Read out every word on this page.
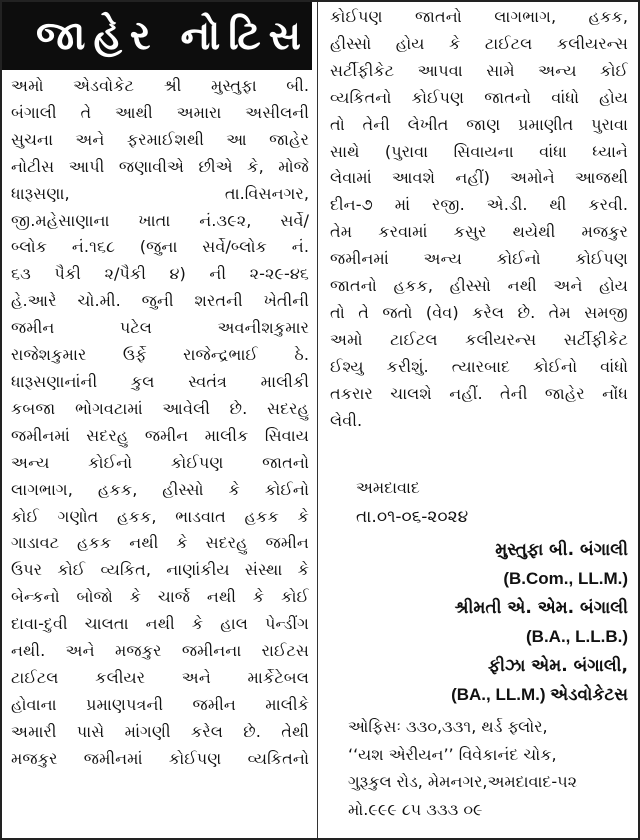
જાહેર નોટિસ
અમો એડવોકેટ શ્રી મુસ્તુફા બી.
બંગાલી તે આથી અમારા અસીલની
સુચના અને ફરમાઈશથી આ જાહેર
નોટીસ આપી જણાવીએ છીએ કે, મોજે
ધારૂસણા, તા.વિસનગર,
જી.મહેસાણાના ખાતા નં.૩૯૨, સર્વે/
બ્લોક નં.૧૬૮ (જુના સર્વે/બ્લોક નં.
૬૩ પૈકી ૨/પૈકી ૪) ની ૨-૨૯-૪૬
હે.આરે ચો.મી. જુની શરતની ખેતીની
જમીન પટેલ અવનીશકુમાર
રાજેશકુમાર ઉર્ફે રાજેન્દ્રભાઈ ઠે.
ધારૂસણાનાંની કુલ સ્વતંત્ર માલીકી
કબજા ભોગવટામાં આવેલી છે. સદરહુ
જમીનમાં સદરહુ જમીન માલીક સિવાય
અન્ય કોઈનો કોઈપણ જાતનો
લાગભાગ, હકક, હીસ્સો કે કોઈનો
કોઈ ગણોત હકક, ભાડવાત હકક કે
ગાડાવટ હકક નથી કે સદરહુ જમીન
ઉપર કોઈ વ્યકિત, નાણાંકીય સંસ્થા કે
બેન્કનો બોજો કે ચાર્જ નથી કે કોઈ
દાવા-દુવી ચાલતા નથી કે હાલ પેન્ડીંગ
નથી. અને મજકુર જમીનના રાઈટસ
ટાઈટલ કલીયર અને માર્કેટેબલ
હોવાના પ્રમાણપત્રની જમીન માલીકે
અમારી પાસે માંગણી કરેલ છે. તેથી
મજકુર જમીનમાં કોઈપણ વ્યકિતનો
કોઈપણ જાતનો લાગભાગ, હકક,
હીસ્સો હોય કે ટાઈટલ કલીયરન્સ
સર્ટીફીકેટ આપવા સામે અન્ય કોઈ
વ્યકિતનો કોઈપણ જાતનો વાંધો હોય
તો તેની લેખીત જાણ પ્રમાણીત પુરાવા
સાથે (પુરાવા સિવાયના વાંધા ધ્યાને
લેવામાં આવશે નહીં) અમોને આજથી
દીન-૭ માં રજી. એ.ડી. થી કરવી.
તેમ કરવામાં કસુર થયેથી મજકુર
જમીનમાં અન્ય કોઈનો કોઈપણ
જાતનો હકક, હીસ્સો નથી અને હોય
તો તે જતો (વેવ) કરેલ છે. તેમ સમજી
અમો ટાઈટલ કલીયરન્સ સર્ટીફીકેટ
ઈશ્યુ કરીશું. ત્યારબાદ કોઈનો વાંધો
તકરાર ચાલશે નહીં. તેની જાહેર નોંધ
લેવી.
અમદાવાદ
તા.૦૧-૦૬-૨૦૨૪
મુસ્તુફા બી. બંગાલી
(B.Com., LL.M.)
શ્રીમતી એ. એમ. બંગાલી
(B.A., L.L.B.)
ફીઝા એમ. બંગાલી,
(BA., LL.M.) એડવોકેટસ
ઓફિસઃ ૩૩૦,૩૩૧, થર્ડ ફ્લોર,
‘‘યશ એરીયન’’ વિવેકાનંદ ચોક,
ગુરૂકુલ રોડ, મેમનગર,અમદાવાદ-૫૨
મો.૯૯૯ ૮૫ ૩૩૩ ૦૯
